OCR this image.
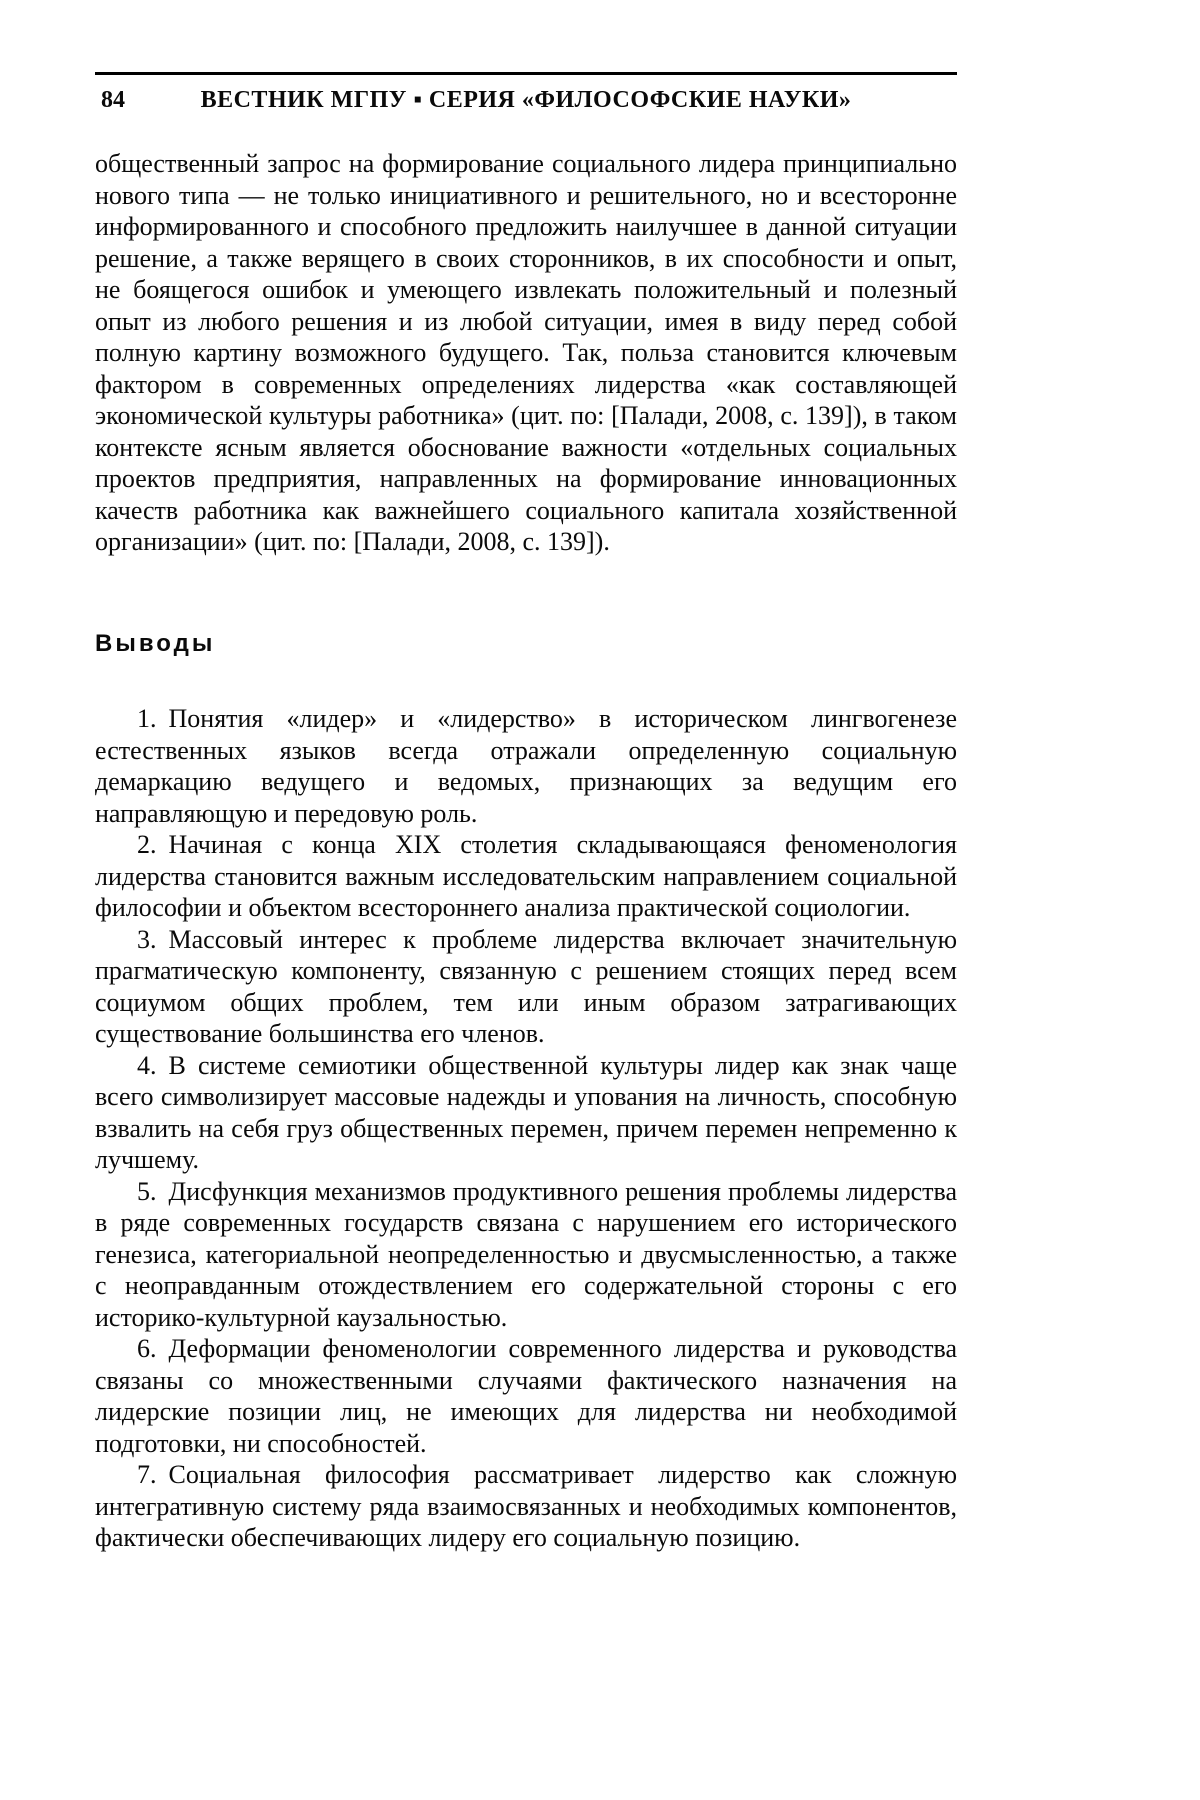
84	ВЕСТНИК МГПУ ▪ СЕРИЯ «ФИЛОСОФСКИЕ НАУКИ»

общественный запрос на формирование социального лидера принципиально нового типа — не только инициативного и решительного, но и всесторонне информированного и способного предложить наилучшее в данной ситуации решение, а также верящего в своих сторонников, в их способности и опыт, не боящегося ошибок и умеющего извлекать положительный и полезный опыт из любого решения и из любой ситуации, имея в виду перед собой полную картину возможного будущего. Так, польза становится ключевым фактором в современных определениях лидерства «как составляющей экономической культуры работника» (цит. по: [Палади, 2008, с. 139]), в таком контексте ясным является обоснование важности «отдельных социальных проектов предприятия, направленных на формирование инновационных качеств работника как важнейшего социального капитала хозяйственной организации» (цит. по: [Палади, 2008, с. 139]).

Выводы

1. Понятия «лидер» и «лидерство» в историческом лингвогенезе естественных языков всегда отражали определенную социальную демаркацию ведущего и ведомых, признающих за ведущим его направляющую и передовую роль.

2. Начиная с конца XIX столетия складывающаяся феноменология лидерства становится важным исследовательским направлением социальной философии и объектом всестороннего анализа практической социологии.

3. Массовый интерес к проблеме лидерства включает значительную прагматическую компоненту, связанную с решением стоящих перед всем социумом общих проблем, тем или иным образом затрагивающих существование большинства его членов.

4. В системе семиотики общественной культуры лидер как знак чаще всего символизирует массовые надежды и упования на личность, способную взвалить на себя груз общественных перемен, причем перемен непременно к лучшему.

5. Дисфункция механизмов продуктивного решения проблемы лидерства в ряде современных государств связана с нарушением его исторического генезиса, категориальной неопределенностью и двусмысленностью, а также с неоправданным отождествлением его содержательной стороны с его историко-культурной каузальностью.

6. Деформации феноменологии современного лидерства и руководства связаны со множественными случаями фактического назначения на лидерские позиции лиц, не имеющих для лидерства ни необходимой подготовки, ни способностей.

7. Социальная философия рассматривает лидерство как сложную интегративную систему ряда взаимосвязанных и необходимых компонентов, фактически обеспечивающих лидеру его социальную позицию.
